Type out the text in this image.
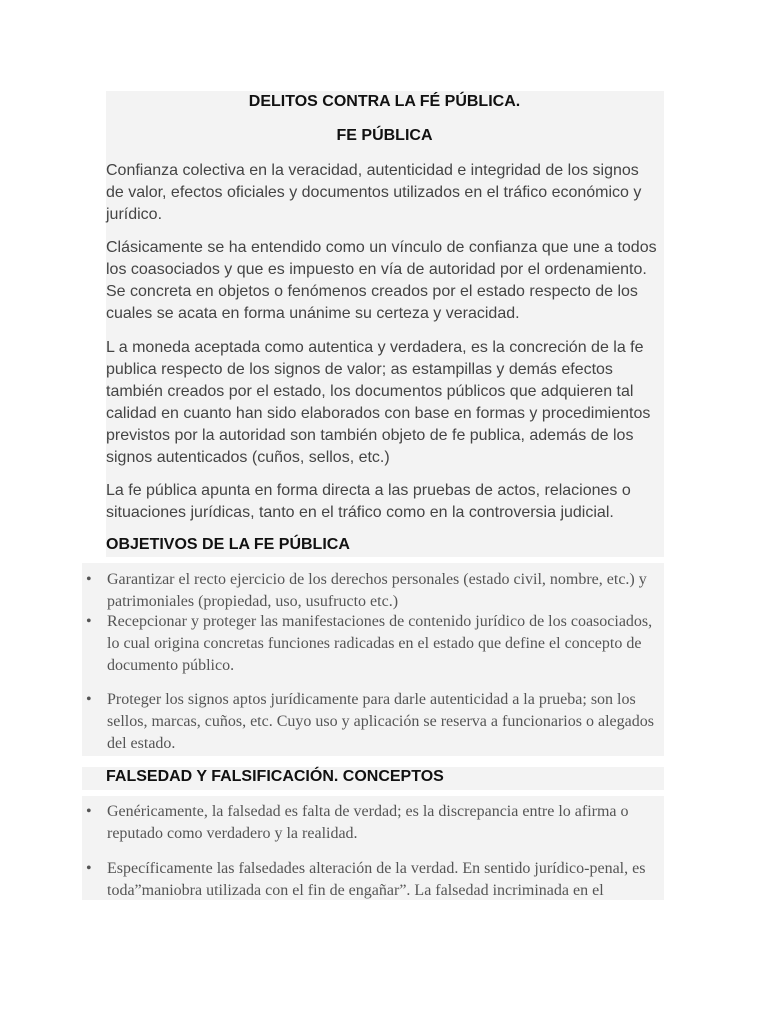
DELITOS CONTRA LA FÉ PÚBLICA.
FE PÚBLICA

Confianza colectiva en la veracidad, autenticidad e integridad de los signos de valor, efectos oficiales y documentos utilizados en el tráfico económico y jurídico.

Clásicamente se ha entendido como un vínculo de confianza que une a todos los coasociados y que es impuesto en vía de autoridad por el ordenamiento. Se concreta en objetos o fenómenos creados por el estado respecto de los cuales se acata en forma unánime su certeza y veracidad.

L a moneda aceptada como autentica y verdadera, es la concreción de la fe publica respecto de los signos de valor; as estampillas y demás efectos también creados por el estado, los documentos públicos que adquieren tal calidad en cuanto han sido elaborados con base en formas y procedimientos previstos por la autoridad son también objeto de fe publica, además de los signos autenticados (cuños, sellos, etc.)

La fe pública apunta en forma directa a las pruebas de actos, relaciones o situaciones jurídicas, tanto en el tráfico como en la controversia judicial.

OBJETIVOS DE LA FE PÚBLICA
• Garantizar el recto ejercicio de los derechos personales (estado civil, nombre, etc.) y patrimoniales (propiedad, uso, usufructo etc.)
• Recepcionar y proteger las manifestaciones de contenido jurídico de los coasociados, lo cual origina concretas funciones radicadas en el estado que define el concepto de documento público.
• Proteger los signos aptos jurídicamente para darle autenticidad a la prueba; son los sellos, marcas, cuños, etc. Cuyo uso y aplicación se reserva a funcionarios o alegados del estado.
FALSEDAD Y FALSIFICACIÓN. CONCEPTOS
• Genéricamente, la falsedad es falta de verdad; es la discrepancia entre lo afirma o reputado como verdadero y la realidad.
• Específicamente las falsedades alteración de la verdad. En sentido jurídico-penal, es toda”maniobra utilizada con el fin de engañar”. La falsedad incriminada en el
